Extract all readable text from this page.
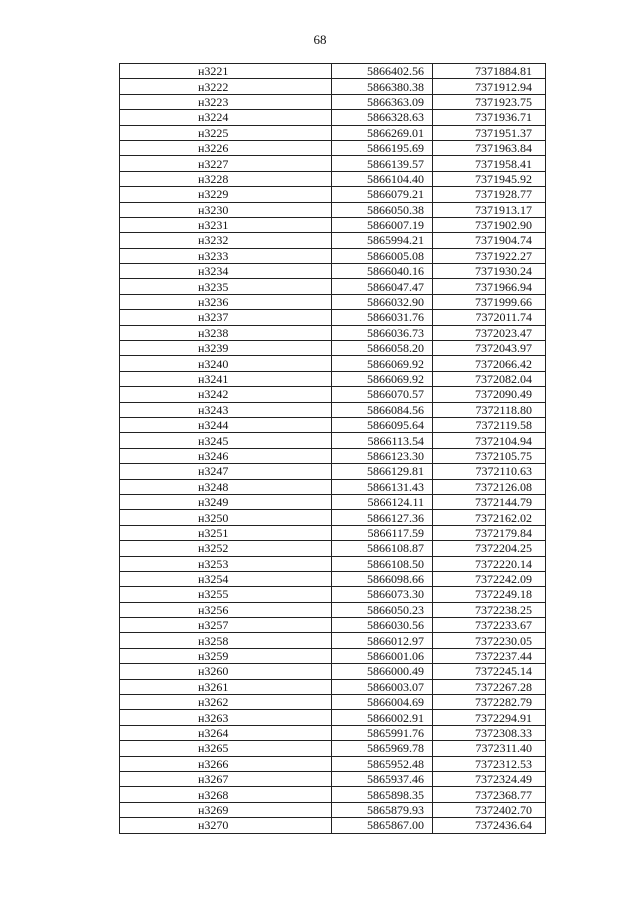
68
н3221	5866402.56	7371884.81
н3222	5866380.38	7371912.94
н3223	5866363.09	7371923.75
н3224	5866328.63	7371936.71
н3225	5866269.01	7371951.37
н3226	5866195.69	7371963.84
н3227	5866139.57	7371958.41
н3228	5866104.40	7371945.92
н3229	5866079.21	7371928.77
н3230	5866050.38	7371913.17
н3231	5866007.19	7371902.90
н3232	5865994.21	7371904.74
н3233	5866005.08	7371922.27
н3234	5866040.16	7371930.24
н3235	5866047.47	7371966.94
н3236	5866032.90	7371999.66
н3237	5866031.76	7372011.74
н3238	5866036.73	7372023.47
н3239	5866058.20	7372043.97
н3240	5866069.92	7372066.42
н3241	5866069.92	7372082.04
н3242	5866070.57	7372090.49
н3243	5866084.56	7372118.80
н3244	5866095.64	7372119.58
н3245	5866113.54	7372104.94
н3246	5866123.30	7372105.75
н3247	5866129.81	7372110.63
н3248	5866131.43	7372126.08
н3249	5866124.11	7372144.79
н3250	5866127.36	7372162.02
н3251	5866117.59	7372179.84
н3252	5866108.87	7372204.25
н3253	5866108.50	7372220.14
н3254	5866098.66	7372242.09
н3255	5866073.30	7372249.18
н3256	5866050.23	7372238.25
н3257	5866030.56	7372233.67
н3258	5866012.97	7372230.05
н3259	5866001.06	7372237.44
н3260	5866000.49	7372245.14
н3261	5866003.07	7372267.28
н3262	5866004.69	7372282.79
н3263	5866002.91	7372294.91
н3264	5865991.76	7372308.33
н3265	5865969.78	7372311.40
н3266	5865952.48	7372312.53
н3267	5865937.46	7372324.49
н3268	5865898.35	7372368.77
н3269	5865879.93	7372402.70
н3270	5865867.00	7372436.64
